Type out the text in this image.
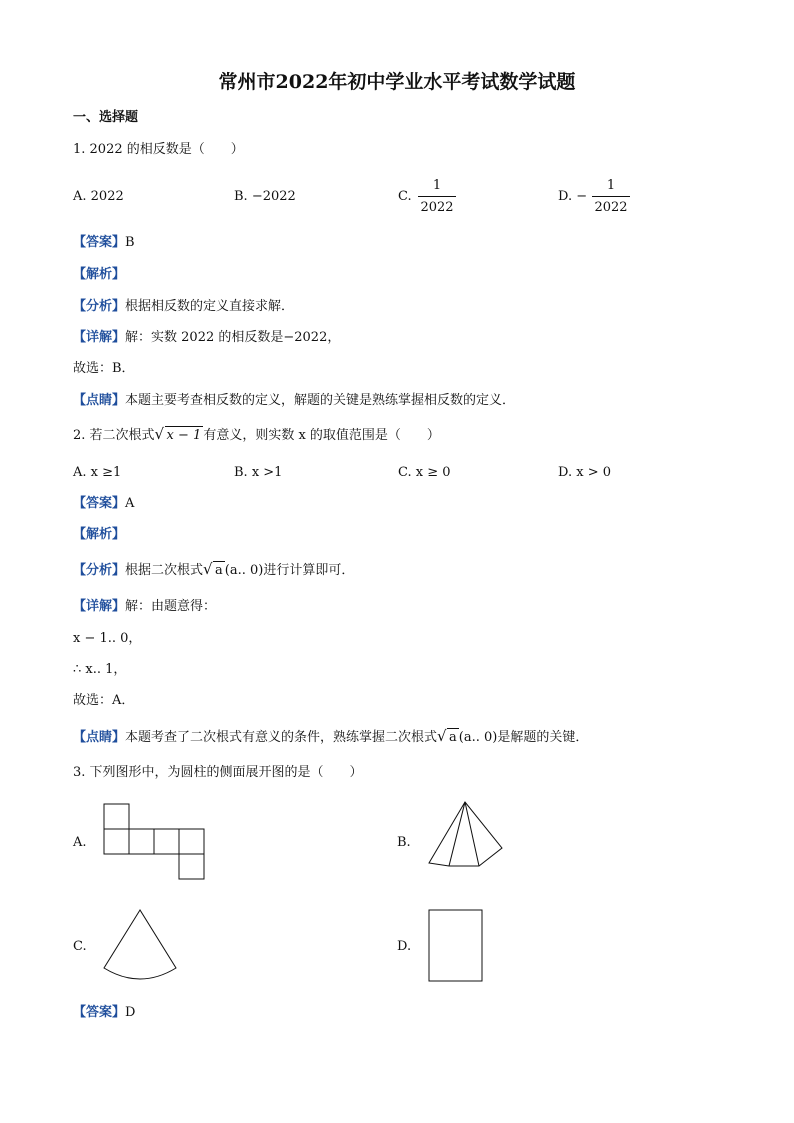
常州市2022年初中学业水平考试数学试题
一、选择题
1. 2022 的相反数是（　　）
A. 2022	B. −2022	C.
1
2022
D. −
1
2022
【答案】B
【解析】
【分析】根据相反数的定义直接求解．
【详解】解：实数 2022 的相反数是−2022，
故选：B．
【点睛】本题主要考查相反数的定义，解题的关键是熟练掌握相反数的定义．
2. 若二次根式 √ x − 1 有意义，则实数 x 的取值范围是（　　）
A. x ≥1	B. x >1	C. x ≥ 0	D. x > 0
【答案】A
【解析】
【分析】根据二次根式 √ a (a.. 0)进行计算即可．
【详解】解：由题意得：
x − 1.. 0，
∴ x.. 1，
故选：A．
【点睛】本题考查了二次根式有意义的条件，熟练掌握二次根式 √ a (a.. 0)是解题的关键．
3. 下列图形中，为圆柱的侧面展开图的是（　　）
A.	B.
C.	D.
【答案】D
